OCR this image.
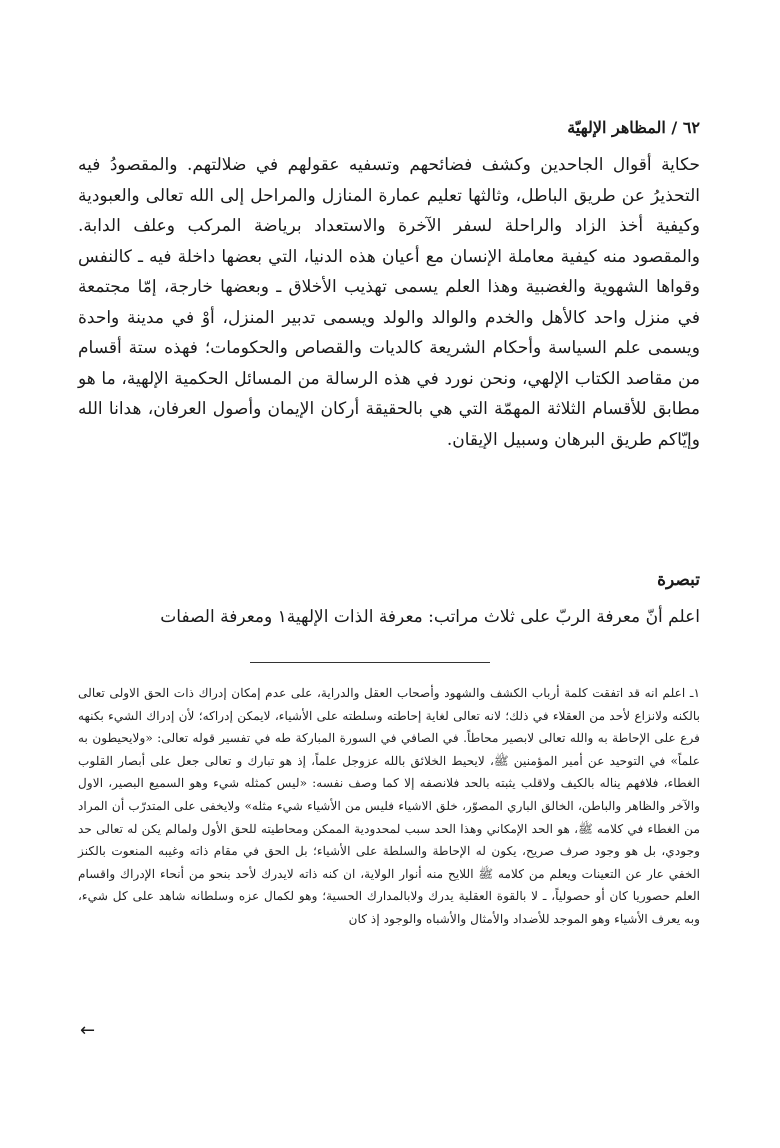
٦٢ / المظاهر الإلهيّة

حكاية أقوال الجاحدين وكشف فضائحهم وتسفيه عقولهم في ضلالتهم. والمقصودُ فيه التحذيرُ عن طريق الباطل، وثالثها تعليم عمارة المنازل والمراحل إلى الله تعالى والعبودية وكيفية أخذ الزاد والراحلة لسفر الآخرة والاستعداد برياضة المركب وعلف الدابة. والمقصود منه كيفية معاملة الإنسان مع أعيان هذه الدنيا، التي بعضها داخلة فيه ـ كالنفس وقواها الشهوية والغضبية وهذا العلم يسمى تهذيب الأخلاق ـ وبعضها خارجة، إمّا مجتمعة في منزل واحد كالأهل والخدم والوالد والولد ويسمى تدبير المنزل، أوْ في مدينة واحدة ويسمى علم السياسة وأحكام الشريعة كالديات والقصاص والحكومات؛ فهذه ستة أقسام من مقاصد الكتاب الإلهي، ونحن نورد في هذه الرسالة من المسائل الحكمية الإلهية، ما هو مطابق للأقسام الثلاثة المهمّة التي هي بالحقيقة أركان الإيمان وأصول العرفان، هدانا الله وإيّاكم طريق البرهان وسبيل الإيقان.

تبصرة

اعلم أنّ معرفة الربّ على ثلاث مراتب: معرفة الذات الإلهية١ ومعرفة الصفات

١ـ اعلم انه قد اتفقت كلمة أرباب الكشف والشهود وأصحاب العقل والدراية، على عدم إمكان إدراك ذات الحق الاولى تعالى بالكنه ولانزاع لأحد من العقلاء في ذلك؛ لانه تعالى لغاية إحاطته وسلطته على الأشياء، لايمكن إدراكه؛ لأن إدراك الشيء بكنهه فرع على الإحاطة به والله تعالى لابصير محاطاً. في الصافي في السورة المباركة طه في تفسير قوله تعالى: «ولايحيطون به علماً» في التوحيد عن أمير المؤمنين ﷺ، لايحيط الخلائق بالله عزوجل علماً، إذ هو تبارك و تعالى جعل على أبصار القلوب الغطاء، فلافهم يناله بالكيف ولاقلب يثبته بالحد فلانصفه إلا كما وصف نفسه: «ليس كمثله شيء وهو السميع البصير، الاول والآخر والظاهر والباطن، الخالق الباري المصوّر، خلق الاشياء فليس من الأشياء شيء مثله» ولايخفى على المتدرّب أن المراد من الغطاء في كلامه ﷺ، هو الحد الإمكاني وهذا الحد سبب لمحدودية الممكن ومحاطيته للحق الأول ولمالم يكن له تعالى حد وجودي، بل هو وجود صرف صريح، يكون له الإحاطة والسلطة على الأشياء؛ بل الحق في مقام ذاته وغيبه المنعوت بالكنز الخفي عار عن التعينات ويعلم من كلامه ﷺ اللايح منه أنوار الولاية، ان كنه ذاته لايدرك لأحد بنحو من أنحاء الإدراك واقسام العلم حصوريا كان أو حصولياً، ـ لا بالقوة العقلية يدرك ولابالمدارك الحسية؛ وهو لكمال عزه وسلطانه شاهد على كل شيء، وبه يعرف الأشياء وهو الموجد للأضداد والأمثال والأشباه والوجود إذ كان

←
